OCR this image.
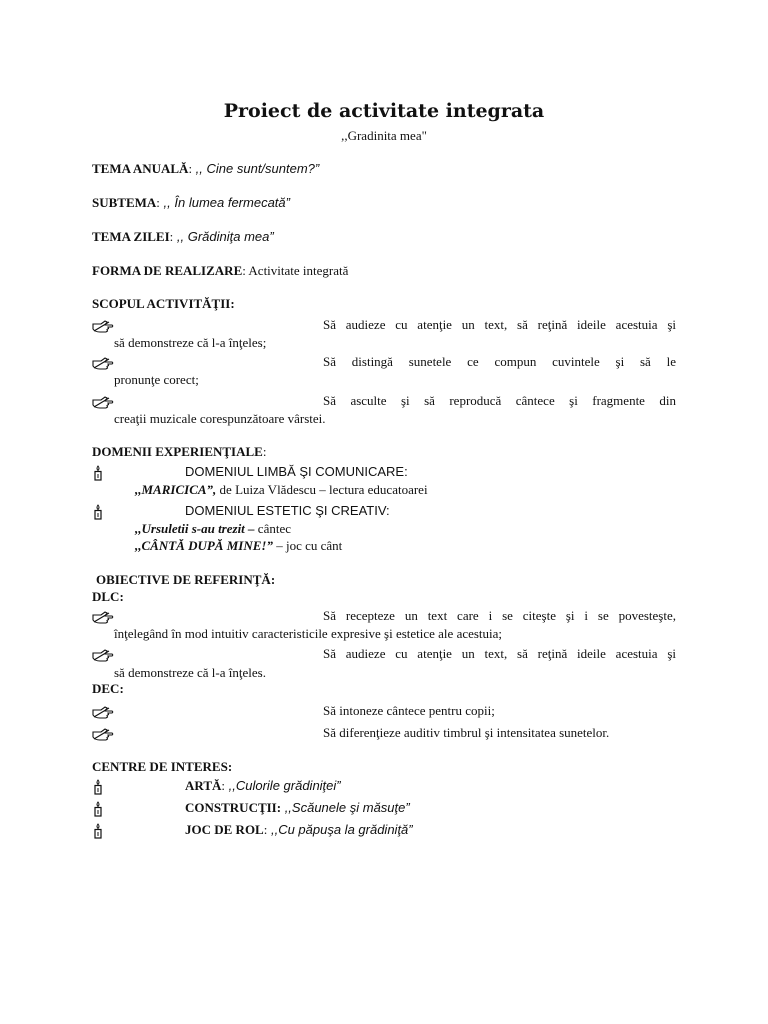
Proiect de activitate integrata
,,Gradinita mea"
TEMA ANUALĂ: ,, Cine sunt/suntem?”
SUBTEMA: ,, În lumea fermecată”
TEMA ZILEI: ,, Grădiniţa mea”
FORMA DE REALIZARE: Activitate integrată
SCOPUL ACTIVITĂŢII:
Să audieze cu atenţie un text, să reţină ideile acestuia şi
să demonstreze că l-a înţeles;
Să distingă sunetele ce compun cuvintele şi să le
pronunţe corect;
Să asculte şi să reproducă cântece şi fragmente din
creaţii muzicale corespunzătoare vârstei.
DOMENII EXPERIENŢIALE:
DOMENIUL LIMBĂ ŞI COMUNICARE:
,,MARICICA”, de Luiza Vlădescu – lectura educatoarei
DOMENIUL ESTETIC ŞI CREATIV:
,,Ursuletii s-au trezit – cântec
,,CÂNTĂ DUPĂ MINE!” – joc cu cânt
OBIECTIVE DE REFERINŢĂ:
DLC:
Să recepteze un text care i se citeşte şi i se povesteşte,
înţelegând în mod intuitiv caracteristicile expresive şi estetice ale acestuia;
Să audieze cu atenţie un text, să reţină ideile acestuia şi
să demonstreze că l-a înţeles.
DEC:
Să intoneze cântece pentru copii;
Să diferenţieze auditiv timbrul şi intensitatea sunetelor.
CENTRE DE INTERES:
ARTĂ: ,,Culorile grădiniţei”
CONSTRUCŢII: ,,Scăunele şi măsuţe”
JOC DE ROL: ,,Cu păpuşa la grădiniţă”
